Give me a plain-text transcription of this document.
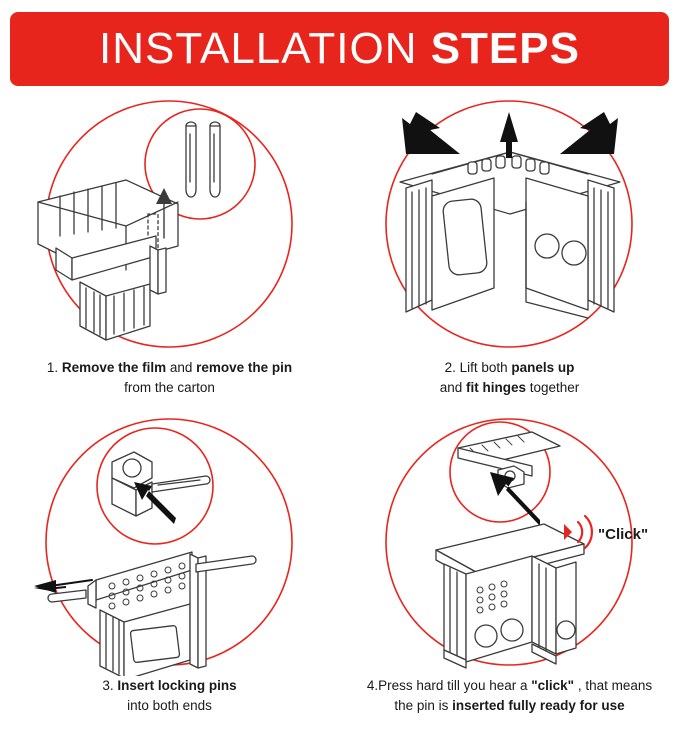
INSTALLATION STEPS
1. Remove the film and remove the pin
from the carton
2. Lift both panels up
and fit hinges together
3. Insert locking pins
into both ends
"Click"
4.Press hard till you hear a "click" , that means
the pin is inserted fully ready for use
